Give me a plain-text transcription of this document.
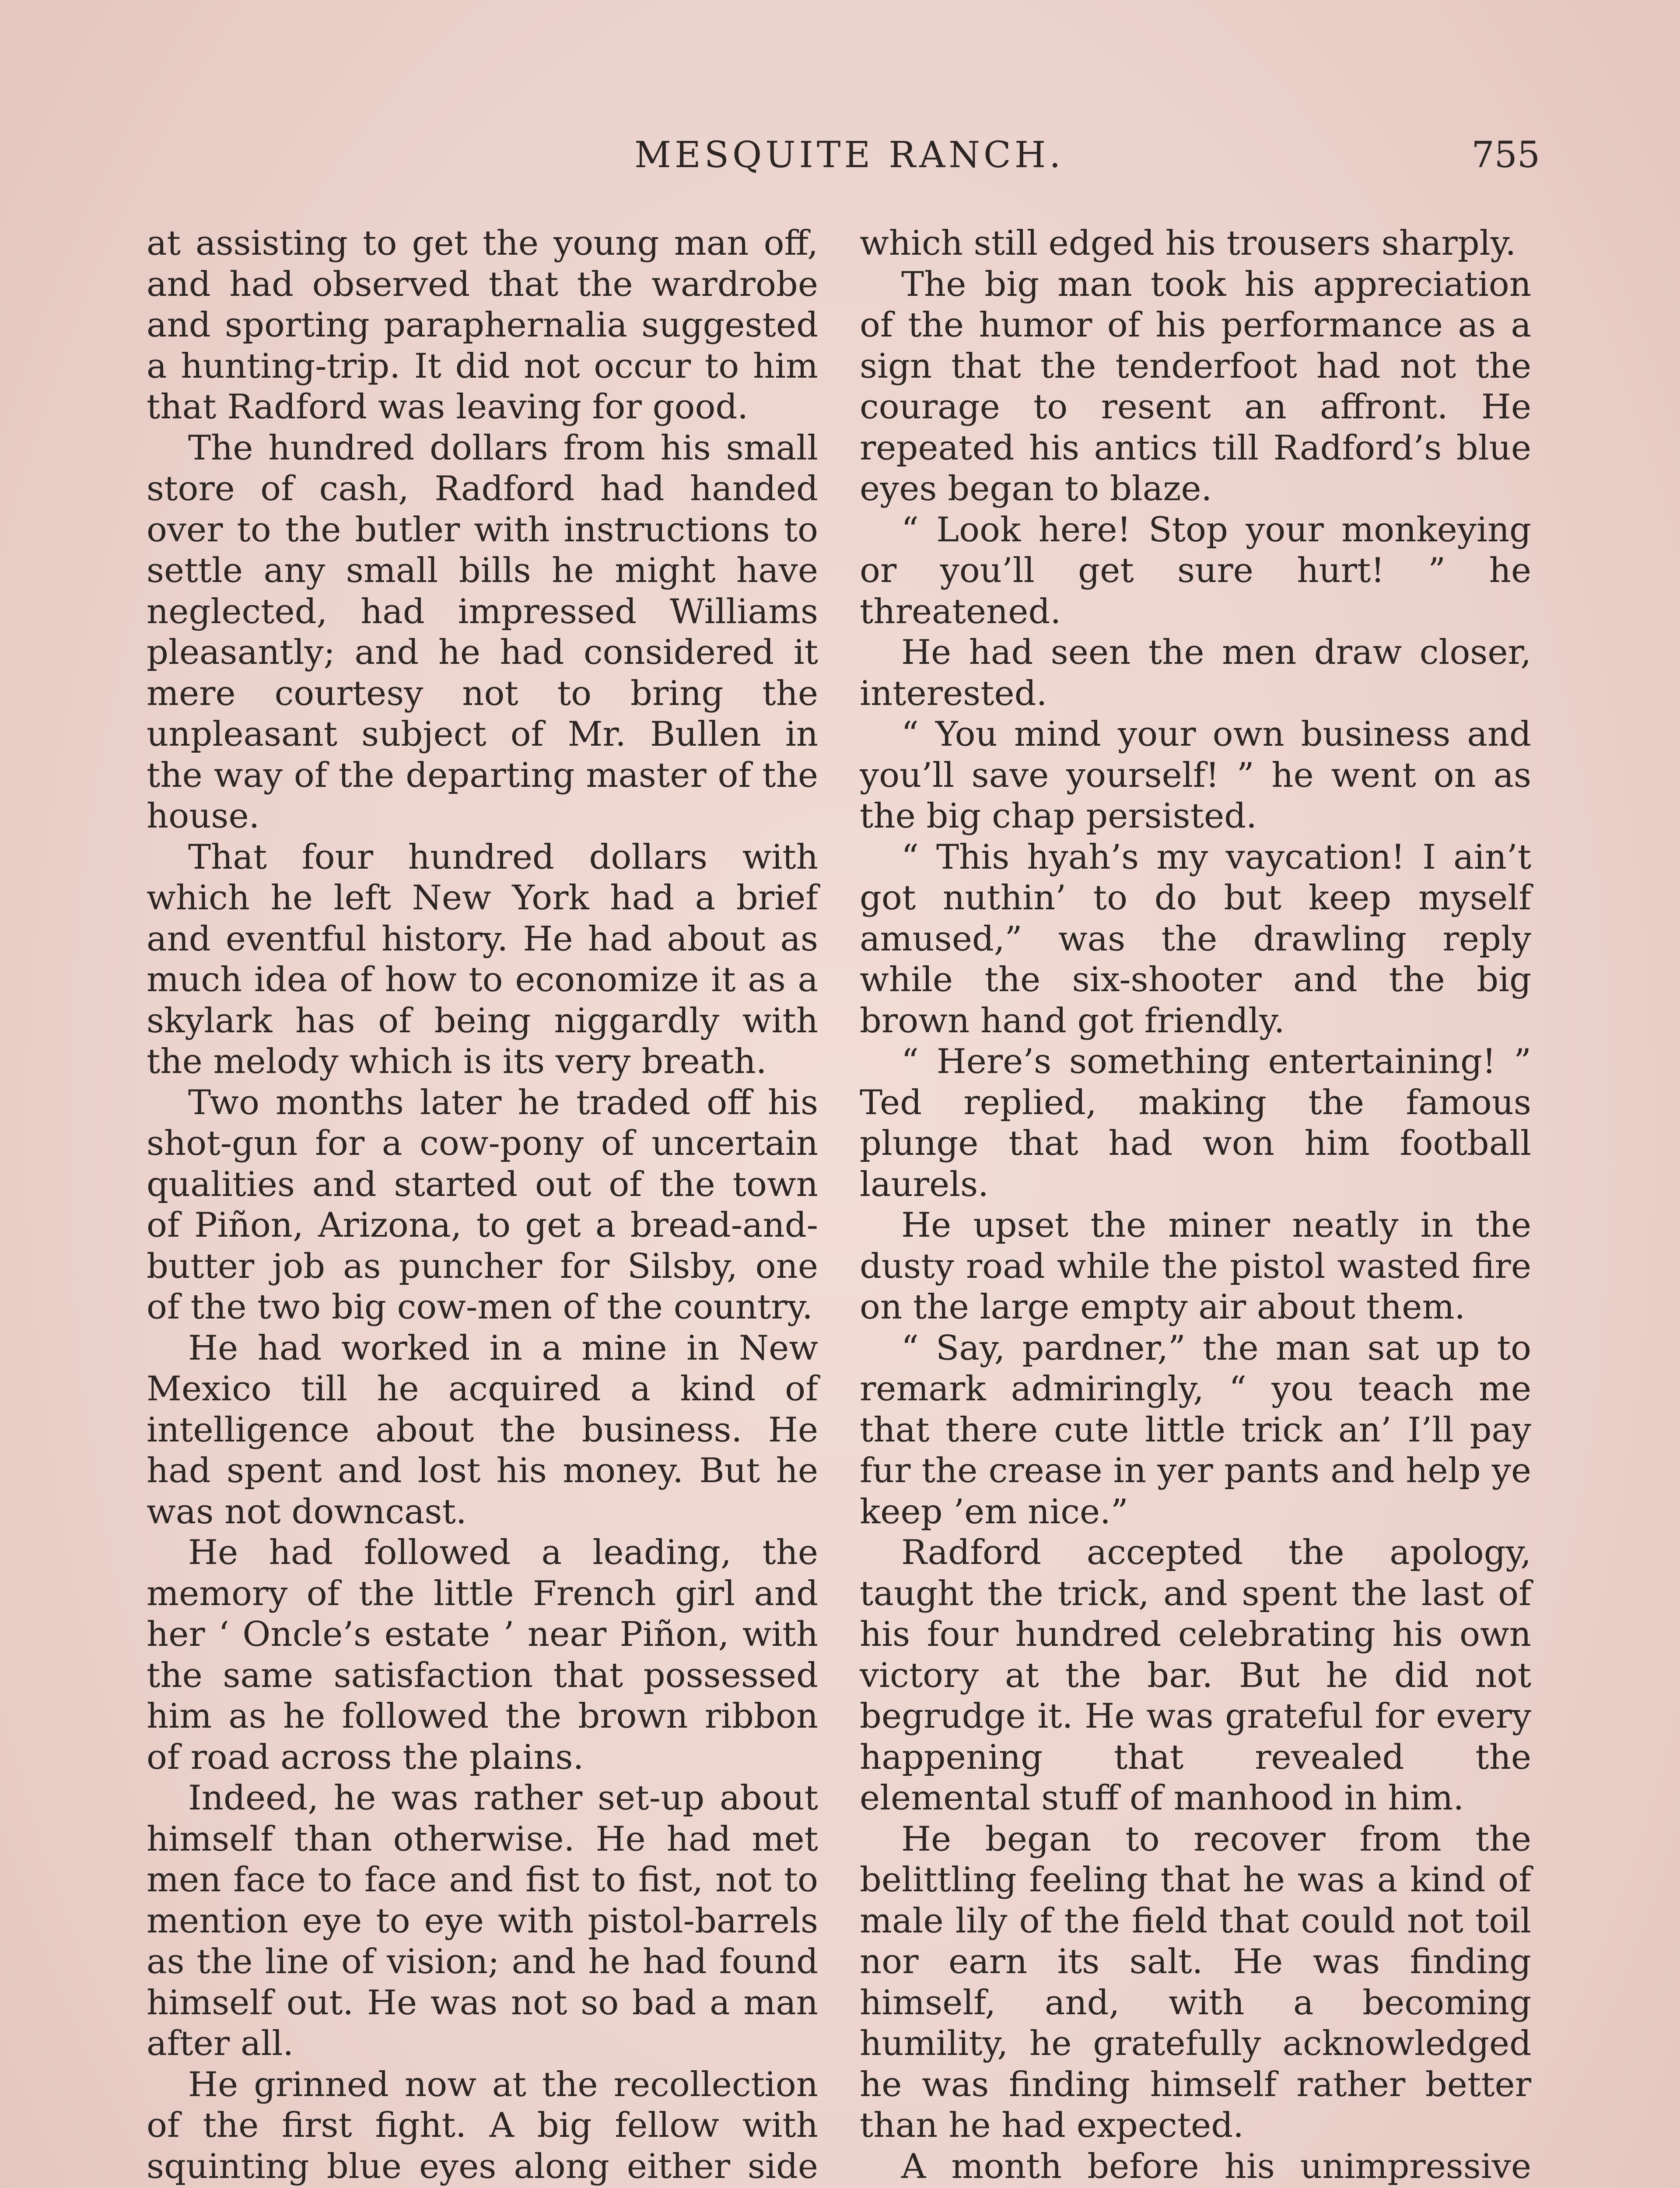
MESQUITE RANCH.	755

at assisting to get the young man off, and had observed that the wardrobe and sporting paraphernalia suggested a hunting-trip. It did not occur to him that Radford was leaving for good.

The hundred dollars from his small store of cash, Radford had handed over to the butler with instructions to settle any small bills he might have neglected, had impressed Williams pleasantly; and he had considered it mere courtesy not to bring the unpleasant subject of Mr. Bullen in the way of the departing master of the house.

That four hundred dollars with which he left New York had a brief and eventful history. He had about as much idea of how to economize it as a skylark has of being niggardly with the melody which is its very breath.

Two months later he traded off his shot-gun for a cow-pony of uncertain qualities and started out of the town of Piñon, Arizona, to get a bread-and-butter job as puncher for Silsby, one of the two big cow-men of the country.

He had worked in a mine in New Mexico till he acquired a kind of intelligence about the business. He had spent and lost his money. But he was not downcast.

He had followed a leading, the memory of the little French girl and her ‘ Oncle’s estate ’ near Piñon, with the same satisfaction that possessed him as he followed the brown ribbon of road across the plains.

Indeed, he was rather set-up about himself than otherwise. He had met men face to face and fist to fist, not to mention eye to eye with pistol-barrels as the line of vision; and he had found himself out. He was not so bad a man after all.

He grinned now at the recollection of the first fight. A big fellow with squinting blue eyes along either side

which still edged his trousers sharply.

The big man took his appreciation of the humor of his performance as a sign that the tenderfoot had not the courage to resent an affront. He repeated his antics till Radford’s blue eyes began to blaze.

“ Look here! Stop your monkeying or you’ll get sure hurt! ” he threatened.

He had seen the men draw closer, interested.

“ You mind your own business and you’ll save yourself! ” he went on as the big chap persisted.

“ This hyah’s my vaycation! I ain’t got nuthin’ to do but keep myself amused,” was the drawling reply while the six-shooter and the big brown hand got friendly.

“ Here’s something entertaining! ” Ted replied, making the famous plunge that had won him football laurels.

He upset the miner neatly in the dusty road while the pistol wasted fire on the large empty air about them.

“ Say, pardner,” the man sat up to remark admiringly, “ you teach me that there cute little trick an’ I’ll pay fur the crease in yer pants and help ye keep ’em nice.”

Radford accepted the apology, taught the trick, and spent the last of his four hundred celebrating his own victory at the bar. But he did not begrudge it. He was grateful for every happening that revealed the elemental stuff of manhood in him.

He began to recover from the belittling feeling that he was a kind of male lily of the field that could not toil nor earn its salt. He was finding himself, and, with a becoming humility, he gratefully acknowledged he was finding himself rather better than he had expected.

A month before his unimpressive
